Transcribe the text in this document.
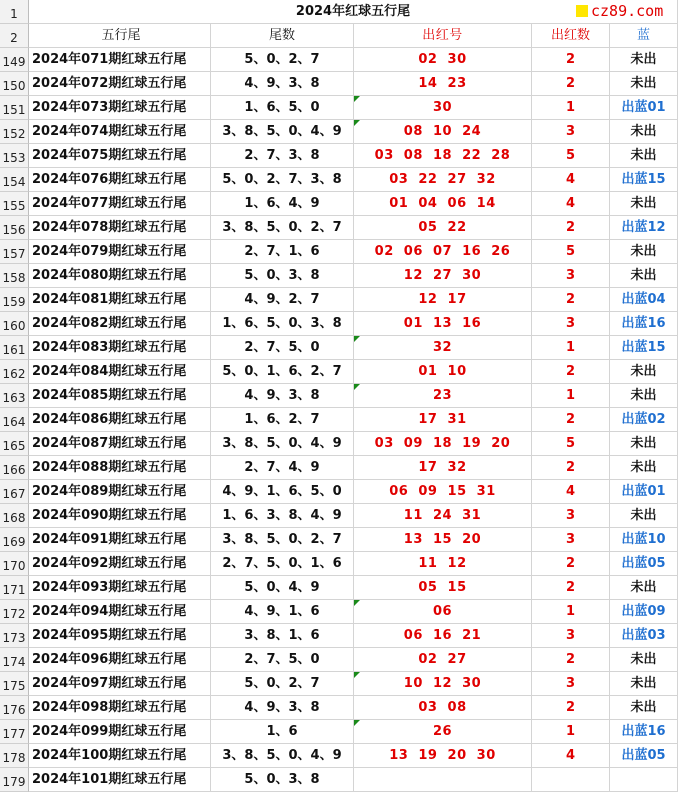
1	2024年红球五行尾	cz89.com
2	五行尾	尾数	出红号	出红数	蓝
149 2024年071期红球五行尾	5、0、2、7	02  30	2	未出
150 2024年072期红球五行尾	4、9、3、8	14  23	2	未出
151 2024年073期红球五行尾	1、6、5、0	30	1	出蓝01
152 2024年074期红球五行尾	3、8、5、0、4、9	08  10  24	3	未出
153 2024年075期红球五行尾	2、7、3、8	03  08  18  22  28	5	未出
154 2024年076期红球五行尾	5、0、2、7、3、8	03  22  27  32	4	出蓝15
155 2024年077期红球五行尾	1、6、4、9	01  04  06  14	4	未出
156 2024年078期红球五行尾	3、8、5、0、2、7	05  22	2	出蓝12
157 2024年079期红球五行尾	2、7、1、6	02  06  07  16  26	5	未出
158 2024年080期红球五行尾	5、0、3、8	12  27  30	3	未出
159 2024年081期红球五行尾	4、9、2、7	12  17	2	出蓝04
160 2024年082期红球五行尾	1、6、5、0、3、8	01  13  16	3	出蓝16
161 2024年083期红球五行尾	2、7、5、0	32	1	出蓝15
162 2024年084期红球五行尾	5、0、1、6、2、7	01  10	2	未出
163 2024年085期红球五行尾	4、9、3、8	23	1	未出
164 2024年086期红球五行尾	1、6、2、7	17  31	2	出蓝02
165 2024年087期红球五行尾	3、8、5、0、4、9	03  09  18  19  20	5	未出
166 2024年088期红球五行尾	2、7、4、9	17  32	2	未出
167 2024年089期红球五行尾	4、9、1、6、5、0	06  09  15  31	4	出蓝01
168 2024年090期红球五行尾	1、6、3、8、4、9	11  24  31	3	未出
169 2024年091期红球五行尾	3、8、5、0、2、7	13  15  20	3	出蓝10
170 2024年092期红球五行尾	2、7、5、0、1、6	11  12	2	出蓝05
171 2024年093期红球五行尾	5、0、4、9	05  15	2	未出
172 2024年094期红球五行尾	4、9、1、6	06	1	出蓝09
173 2024年095期红球五行尾	3、8、1、6	06  16  21	3	出蓝03
174 2024年096期红球五行尾	2、7、5、0	02  27	2	未出
175 2024年097期红球五行尾	5、0、2、7	10  12  30	3	未出
176 2024年098期红球五行尾	4、9、3、8	03  08	2	未出
177 2024年099期红球五行尾	1、6	26	1	出蓝16
178 2024年100期红球五行尾	3、8、5、0、4、9	13  19  20  30	4	出蓝05
179 2024年101期红球五行尾	5、0、3、8
